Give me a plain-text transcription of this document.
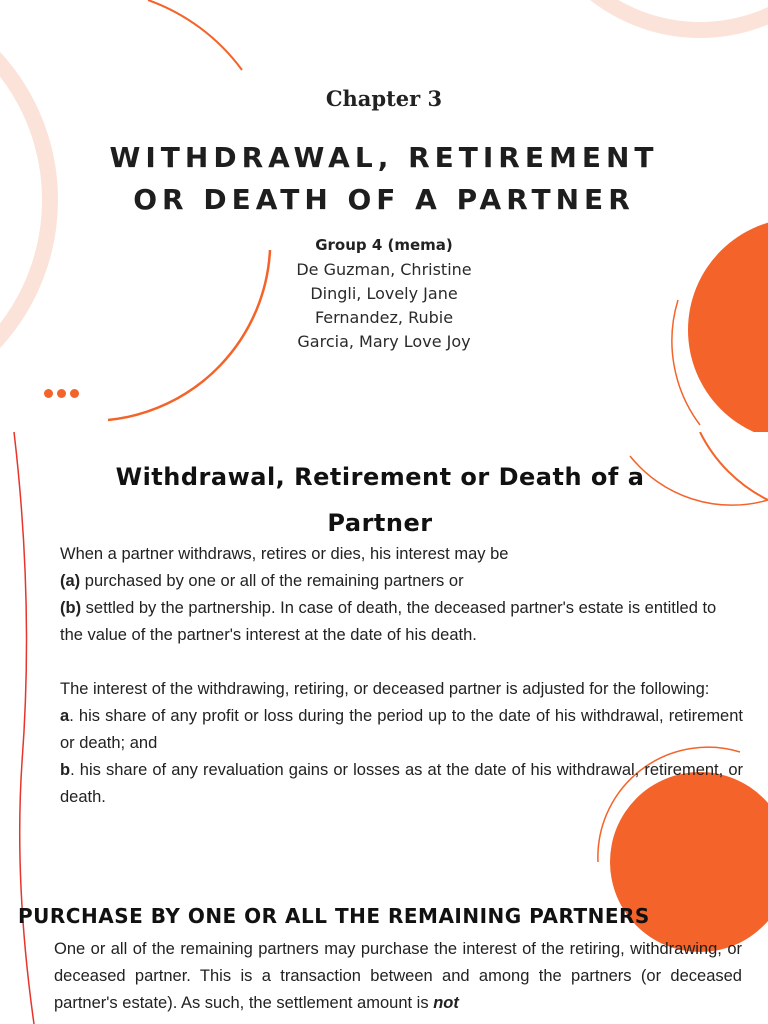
Chapter 3
WITHDRAWAL, RETIREMENT
OR DEATH OF A PARTNER
Group 4 (mema)
De Guzman, Christine
Dingli, Lovely Jane
Fernandez, Rubie
Garcia, Mary Love Joy
Withdrawal, Retirement or Death of a
Partner
When a partner withdraws, retires or dies, his interest may be
(a) purchased by one or all of the remaining partners or
(b) settled by the partnership. In case of death, the deceased partner's estate is entitled to the value of the partner's interest at the date of his death.
The interest of the withdrawing, retiring, or deceased partner is adjusted for the following:
a. his share of any profit or loss during the period up to the date of his withdrawal, retirement or death; and
b. his share of any revaluation gains or losses as at the date of his withdrawal, retirement, or death.
PURCHASE BY ONE OR ALL THE REMAINING PARTNERS
One or all of the remaining partners may purchase the interest of the retiring, withdrawing, or deceased partner. This is a transaction between and among the partners (or deceased partner's estate). As such, the settlement amount is not
